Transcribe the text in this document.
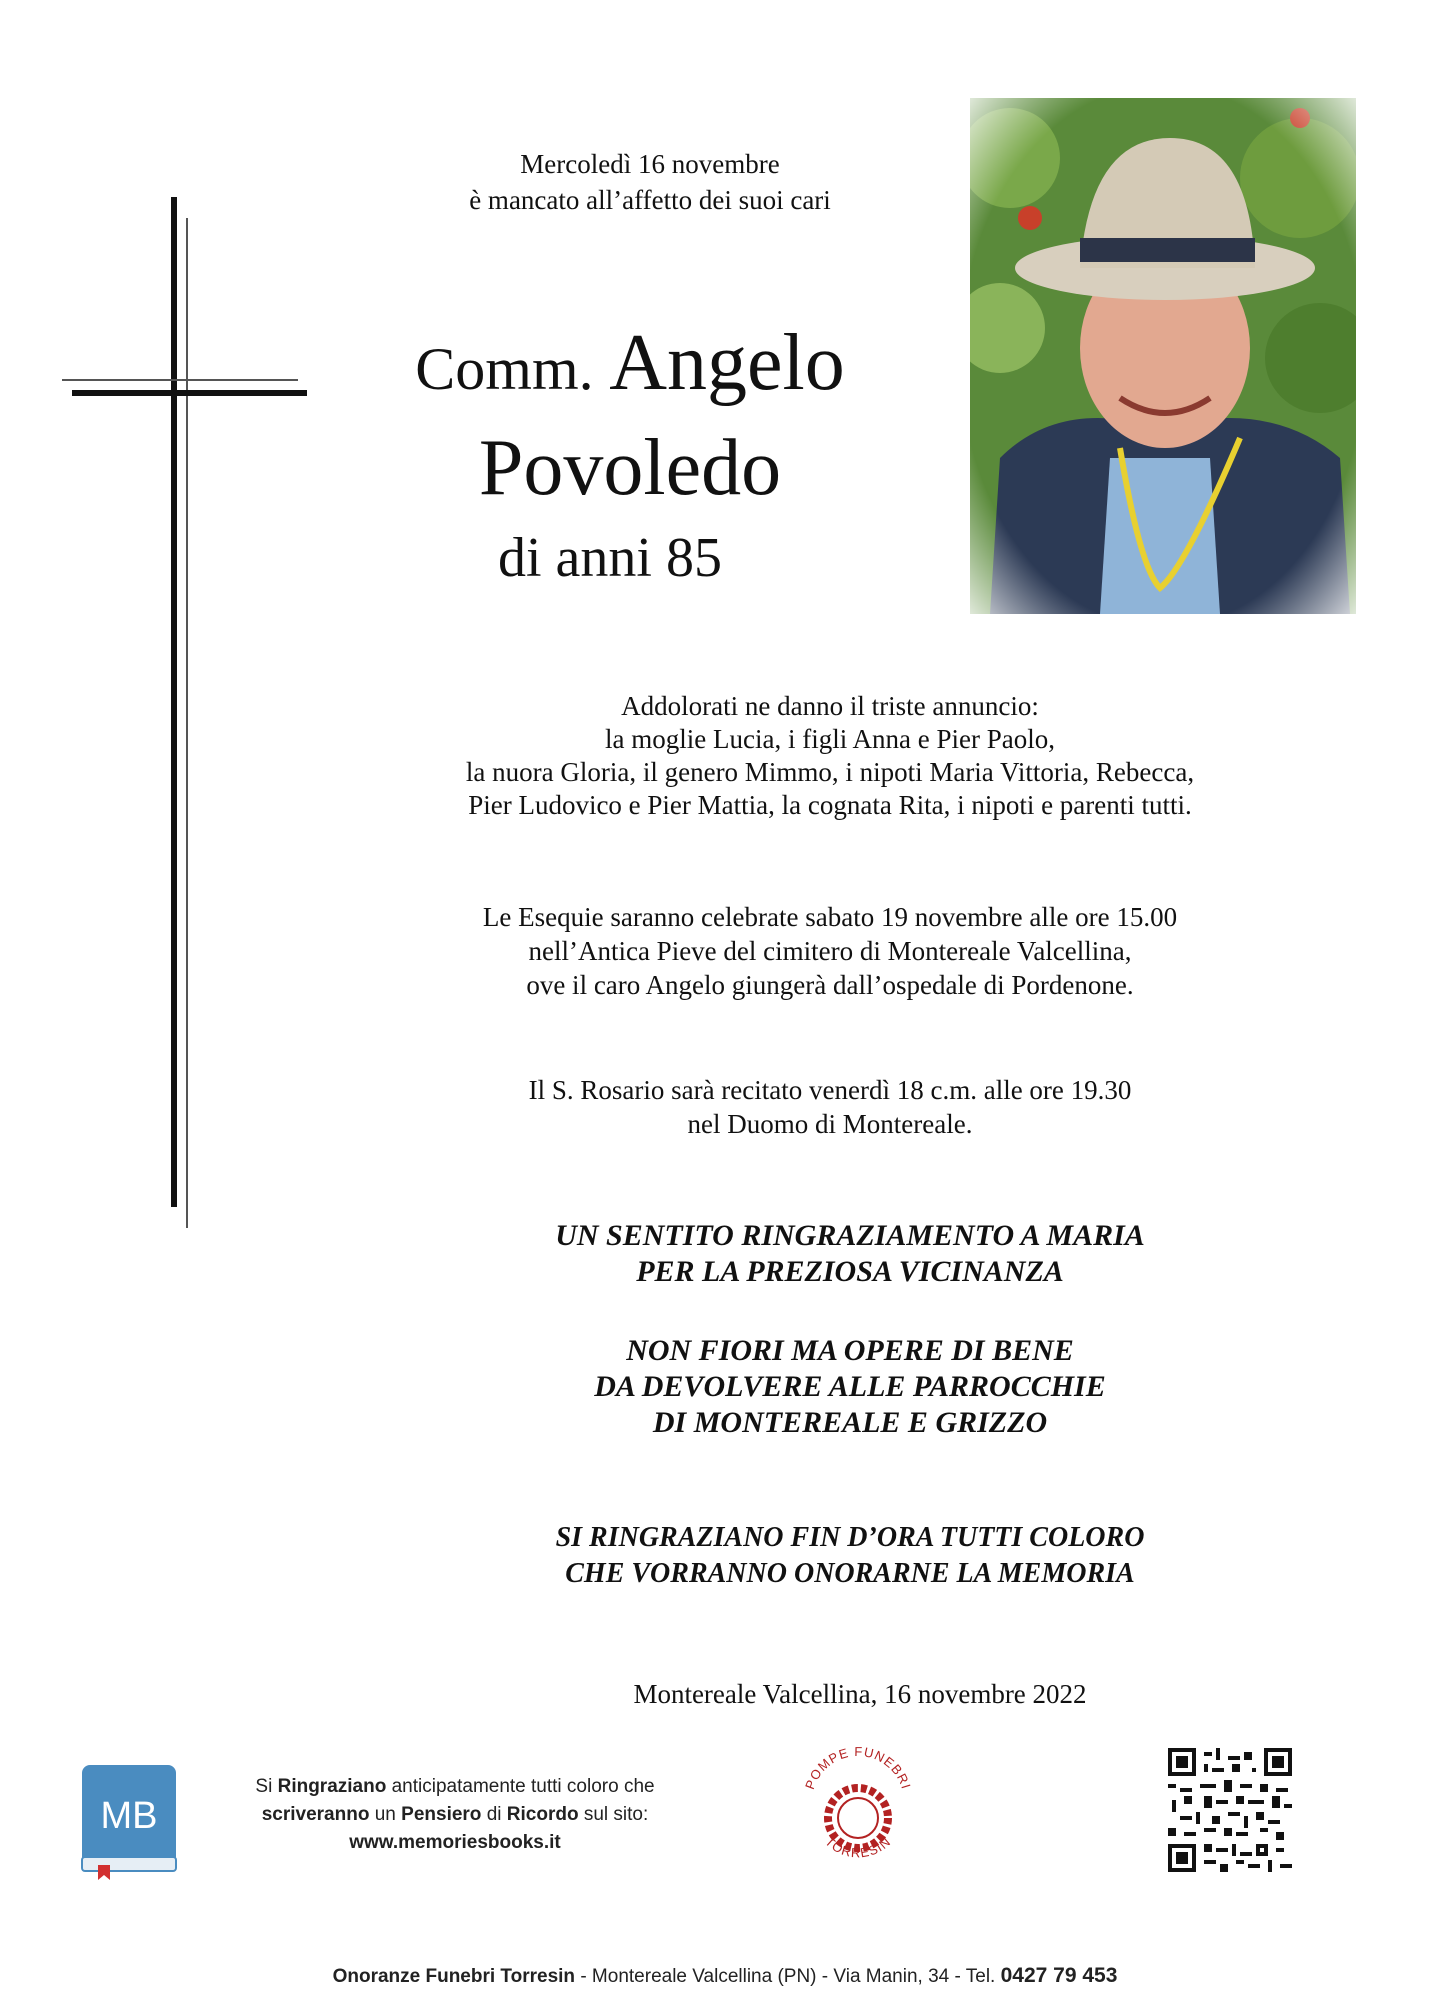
Mercoledì 16 novembre
è mancato all’affetto dei suoi cari
Comm. Angelo
Povoledo
di anni 85
Addolorati ne danno il triste annuncio:
la moglie Lucia, i figli Anna e Pier Paolo,
la nuora Gloria, il genero Mimmo, i nipoti Maria Vittoria, Rebecca,
Pier Ludovico e Pier Mattia, la cognata Rita, i nipoti e parenti tutti.
Le Esequie saranno celebrate sabato 19 novembre alle ore 15.00
nell’Antica Pieve del cimitero di Montereale Valcellina,
ove il caro Angelo giungerà dall’ospedale di Pordenone.
Il S. Rosario sarà recitato venerdì 18 c.m. alle ore 19.30
nel Duomo di Montereale.
UN SENTITO RINGRAZIAMENTO A MARIA
PER LA PREZIOSA VICINANZA
NON FIORI MA OPERE DI BENE
DA DEVOLVERE ALLE PARROCCHIE
DI MONTEREALE E GRIZZO
SI RINGRAZIANO FIN D’ORA TUTTI COLORO
CHE VORRANNO ONORARNE LA MEMORIA
Montereale Valcellina, 16 novembre 2022
MB
Si Ringraziano anticipatamente tutti coloro che
scriveranno un Pensiero di Ricordo sul sito:
www.memoriesbooks.it
POMPE FUNEBRI
TORRESIN
Onoranze Funebri Torresin - Montereale Valcellina (PN) - Via Manin, 34 - Tel. 0427 79 453
